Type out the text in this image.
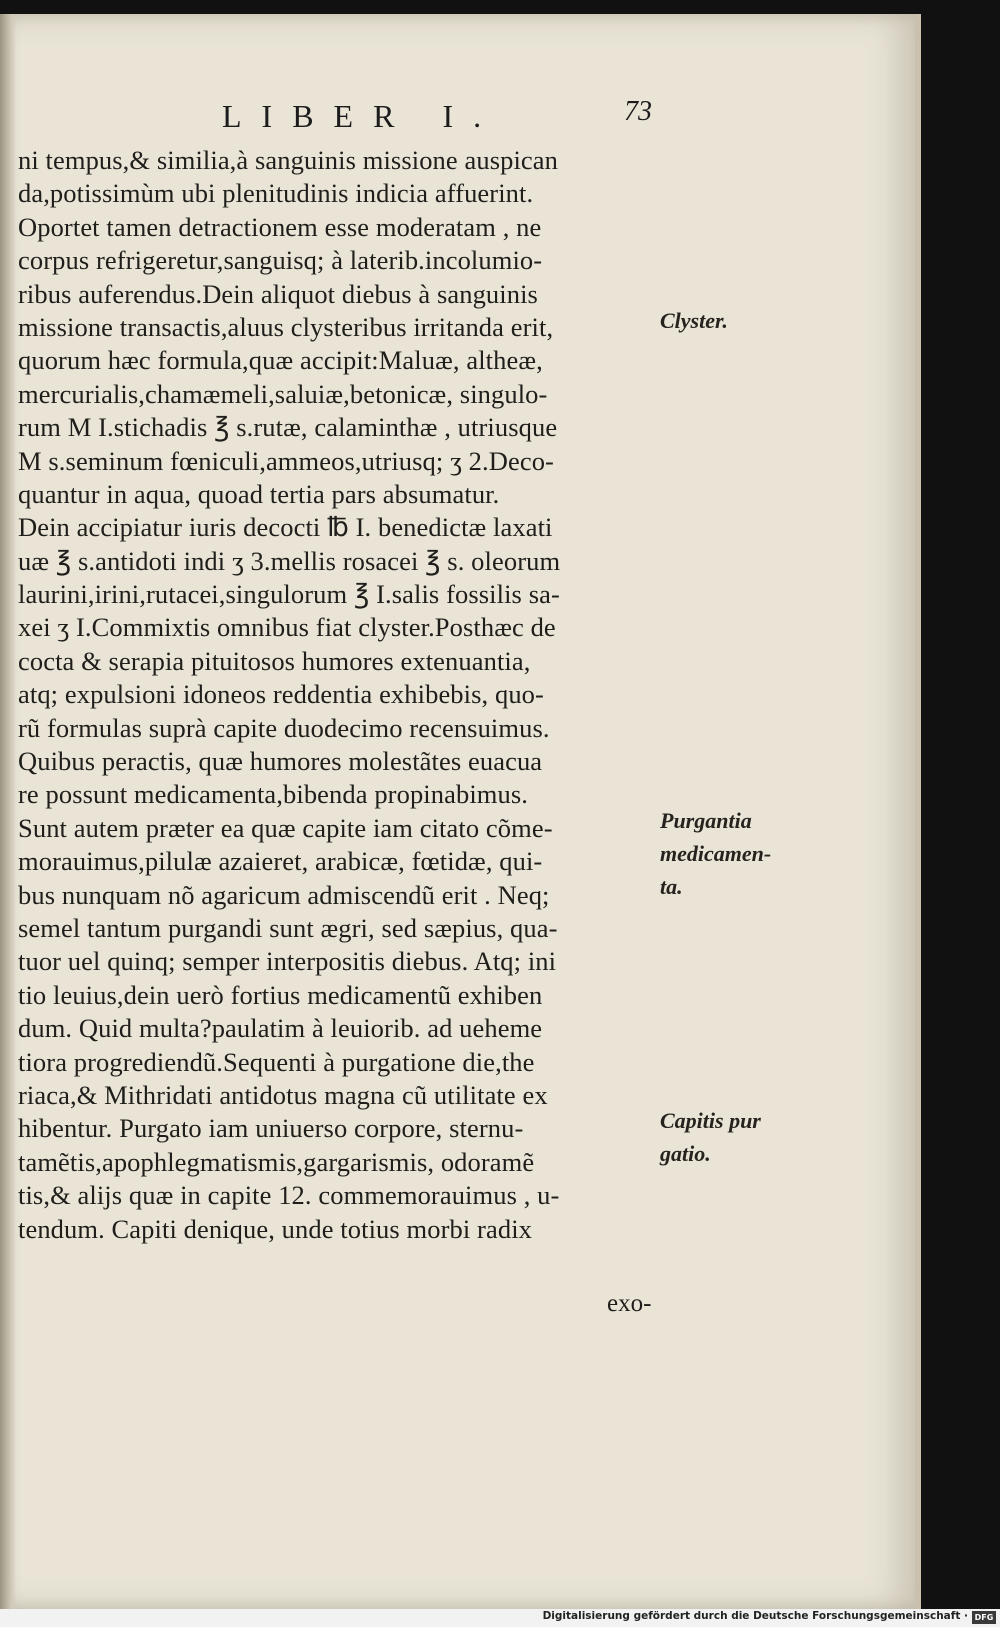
LIBER I.	73
ni tempus,& similia,à sanguinis missione auspican
da,potissimùm ubi plenitudinis indicia affuerint.
Oportet tamen detractionem esse moderatam , ne
corpus refrigeretur,sanguisq; à laterib.incolumio-
ribus auferendus.Dein aliquot diebus à sanguinis
missione transactis,aluus clysteribus irritanda erit,
quorum hæc formula,quæ accipit:Maluæ, altheæ,
mercurialis,chamæmeli,saluiæ,betonicæ, singulo-
rum M I.stichadis ℥ s.rutæ, calaminthæ , utriusque
M s.seminum fœniculi,ammeos,utriusq; ʒ 2.Deco-
quantur in aqua, quoad tertia pars absumatur.
Dein accipiatur iuris decocti ℔ I. benedictæ laxati
uæ ℥ s.antidoti indi ʒ 3.mellis rosacei ℥ s. oleorum
laurini,irini,rutacei,singulorum ℥ I.salis fossilis sa-
xei ʒ I.Commixtis omnibus fiat clyster.Posthæc de
cocta & serapia pituitosos humores extenuantia,
atq; expulsioni idoneos reddentia exhibebis, quo-
rũ formulas suprà capite duodecimo recensuimus.
Quibus peractis, quæ humores molestãtes euacua
re possunt medicamenta,bibenda propinabimus.
Sunt autem præter ea quæ capite iam citato cõme-
morauimus,pilulæ azaieret, arabicæ, fœtidæ, qui-
bus nunquam nõ agaricum admiscendũ erit . Neq;
semel tantum purgandi sunt ægri, sed sæpius, qua-
tuor uel quinq; semper interpositis diebus. Atq; ini
tio leuius,dein uerò fortius medicamentũ exhiben
dum. Quid multa?paulatim à leuiorib. ad ueheme
tiora progrediendũ.Sequenti à purgatione die,the
riaca,& Mithridati antidotus magna cũ utilitate ex
hibentur. Purgato iam uniuerso corpore, sternu-
tamẽtis,apophlegmatismis,gargarismis, odoramẽ
tis,& alijs quæ in capite 12. commemorauimus , u-
tendum. Capiti denique, unde totius morbi radix
Clyster.
Purgantia
medicamen-
ta.
Capitis pur
gatio.
exo-
Digitalisierung gefördert durch die Deutsche Forschungsgemeinschaft · DFG
